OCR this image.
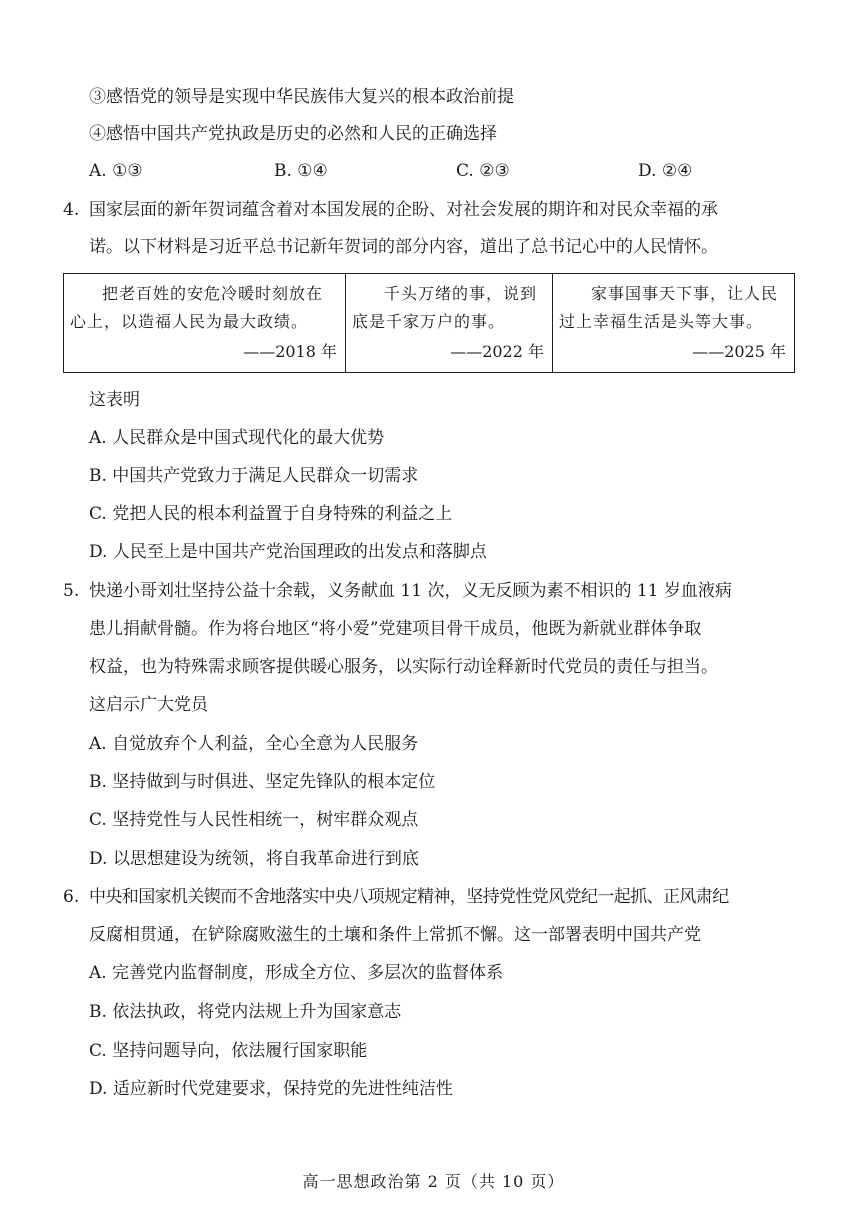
③感悟党的领导是实现中华民族伟大复兴的根本政治前提
④感悟中国共产党执政是历史的必然和人民的正确选择
A. ①③	B. ①④	C. ②③	D. ②④
4. 国家层面的新年贺词蕴含着对本国发展的企盼、对社会发展的期许和对民众幸福的承
诺。以下材料是习近平总书记新年贺词的部分内容，道出了总书记心中的人民情怀。
把老百姓的安危冷暖时刻放在心上，以造福人民为最大政绩。
——2018 年

千头万绪的事，说到底是千家万户的事。
——2022 年

家事国事天下事，让人民过上幸福生活是头等大事。
——2025 年
这表明
A. 人民群众是中国式现代化的最大优势
B. 中国共产党致力于满足人民群众一切需求
C. 党把人民的根本利益置于自身特殊的利益之上
D. 人民至上是中国共产党治国理政的出发点和落脚点
5. 快递小哥刘壮坚持公益十余载，义务献血 11 次，义无反顾为素不相识的 11 岁血液病
患儿捐献骨髓。作为将台地区“将小爱”党建项目骨干成员，他既为新就业群体争取
权益，也为特殊需求顾客提供暖心服务，以实际行动诠释新时代党员的责任与担当。
这启示广大党员
A. 自觉放弃个人利益，全心全意为人民服务
B. 坚持做到与时俱进、坚定先锋队的根本定位
C. 坚持党性与人民性相统一，树牢群众观点
D. 以思想建设为统领，将自我革命进行到底
6. 中央和国家机关锲而不舍地落实中央八项规定精神，坚持党性党风党纪一起抓、正风肃纪
反腐相贯通，在铲除腐败滋生的土壤和条件上常抓不懈。这一部署表明中国共产党
A. 完善党内监督制度，形成全方位、多层次的监督体系
B. 依法执政，将党内法规上升为国家意志
C. 坚持问题导向，依法履行国家职能
D. 适应新时代党建要求，保持党的先进性纯洁性
高一思想政治第 2 页（共 10 页）
